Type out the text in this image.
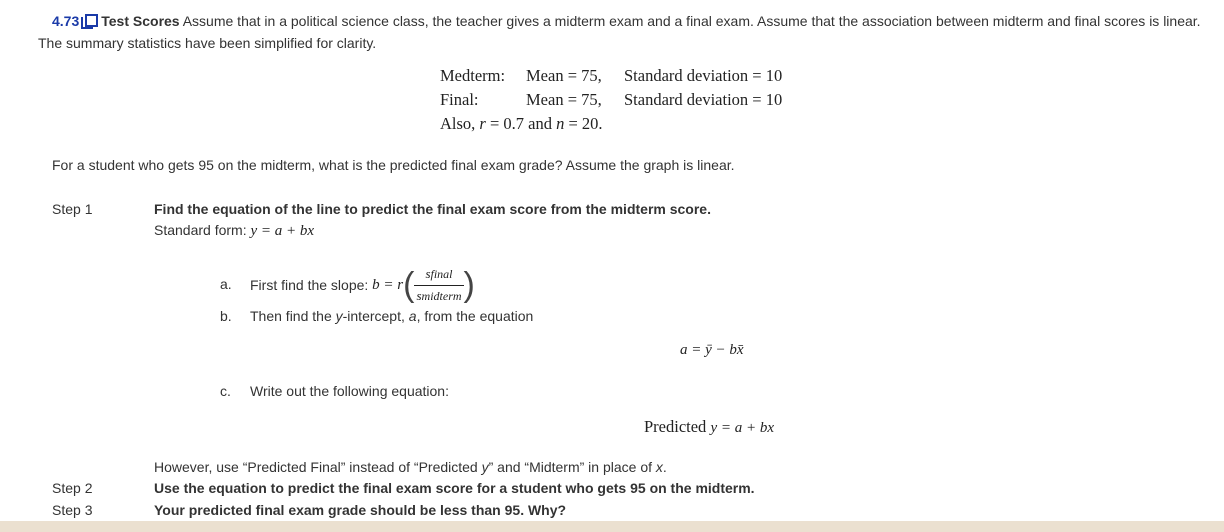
4.73 Test Scores Assume that in a political science class, the teacher gives a midterm exam and a final exam. Assume that the association between midterm and final scores is linear. The summary statistics have been simplified for clarity.
Medterm:	Mean = 75,	Standard deviation = 10
Final:	Mean = 75,	Standard deviation = 10
Also, r = 0.7 and n = 20.		
For a student who gets 95 on the midterm, what is the predicted final exam grade? Assume the graph is linear.
Step 1	Find the equation of the line to predict the final exam score from the midterm score.
Standard form: y = a + bx
a. First find the slope:
b = r ( $\frac{\text{sfinal}}{\text{smidterm}}$ )
b. Then find the y-intercept, a, from the equation
a = ȳ − bx̄
c. Write out the following equation:
Predicted y = a + bx
However, use “Predicted Final” instead of “Predicted y” and “Midterm” in place of x.
Step 2	Use the equation to predict the final exam score for a student who gets 95 on the midterm.
Step 3	Your predicted final exam grade should be less than 95. Why?
